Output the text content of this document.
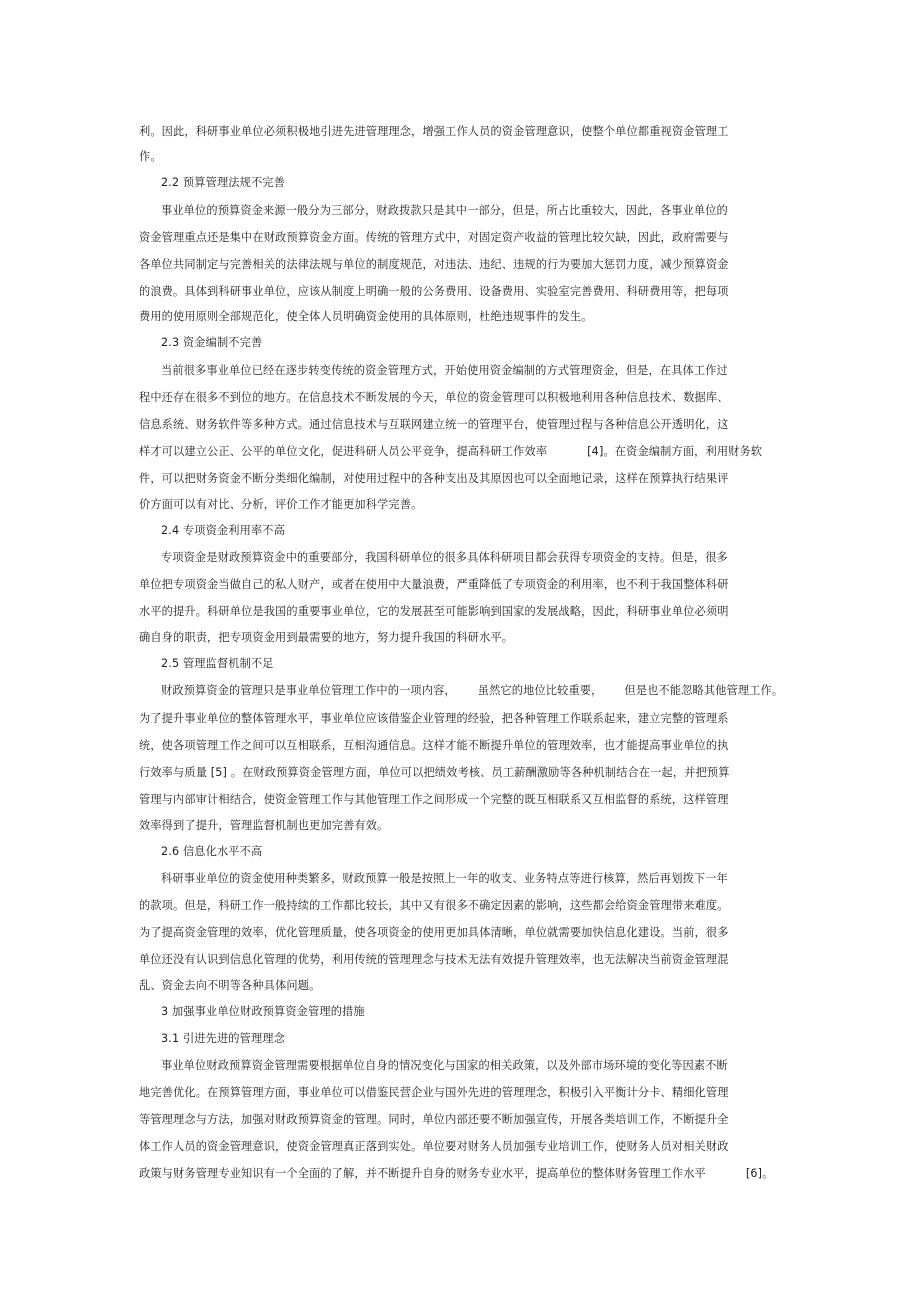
利。因此，科研事业单位必须积极地引进先进管理理念，增强工作人员的资金管理意识，使整个单位都重视资金管理工
作。
2.2 预算管理法规不完善
事业单位的预算资金来源一般分为三部分，财政拨款只是其中一部分，但是，所占比重较大，因此，各事业单位的
资金管理重点还是集中在财政预算资金方面。传统的管理方式中，对固定资产收益的管理比较欠缺，因此，政府需要与
各单位共同制定与完善相关的法律法规与单位的制度规范，对违法、违纪、违规的行为要加大惩罚力度，减少预算资金
的浪费。具体到科研事业单位，应该从制度上明确一般的公务费用、设备费用、实验室完善费用、科研费用等，把每项
费用的使用原则全部规范化，使全体人员明确资金使用的具体原则，杜绝违规事件的发生。
2.3 资金编制不完善
当前很多事业单位已经在逐步转变传统的资金管理方式，开始使用资金编制的方式管理资金，但是，在具体工作过
程中还存在很多不到位的地方。在信息技术不断发展的今天，单位的资金管理可以积极地利用各种信息技术、数据库、
信息系统、财务软件等多种方式。通过信息技术与互联网建立统一的管理平台，使管理过程与各种信息公开透明化，这
样才可以建立公正、公平的单位文化，促进科研人员公平竞争，提高科研工作效率	[4]。在资金编制方面，利用财务软
件，可以把财务资金不断分类细化编制，对使用过程中的各种支出及其原因也可以全面地记录，这样在预算执行结果评
价方面可以有对比、分析，评价工作才能更加科学完善。
2.4 专项资金利用率不高
专项资金是财政预算资金中的重要部分，我国科研单位的很多具体科研项目都会获得专项资金的支持。但是，很多
单位把专项资金当做自己的私人财产，或者在使用中大量浪费，严重降低了专项资金的利用率，也不利于我国整体科研
水平的提升。科研单位是我国的重要事业单位，它的发展甚至可能影响到国家的发展战略，因此，科研事业单位必须明
确自身的职责，把专项资金用到最需要的地方，努力提升我国的科研水平。
2.5 管理监督机制不足
财政预算资金的管理只是事业单位管理工作中的一项内容， 虽然它的地位比较重要， 但是也不能忽略其他管理工作。
为了提升事业单位的整体管理水平，事业单位应该借鉴企业管理的经验，把各种管理工作联系起来，建立完整的管理系
统，使各项管理工作之间可以互相联系，互相沟通信息。这样才能不断提升单位的管理效率，也才能提高事业单位的执
行效率与质量 [5] 。在财政预算资金管理方面，单位可以把绩效考核、员工薪酬激励等各种机制结合在一起，并把预算
管理与内部审计相结合，使资金管理工作与其他管理工作之间形成一个完整的既互相联系又互相监督的系统，这样管理
效率得到了提升，管理监督机制也更加完善有效。
2.6 信息化水平不高
科研事业单位的资金使用种类繁多，财政预算一般是按照上一年的收支、业务特点等进行核算，然后再划拨下一年
的款项。但是，科研工作一般持续的工作都比较长，其中又有很多不确定因素的影响，这些都会给资金管理带来难度。
为了提高资金管理的效率，优化管理质量，使各项资金的使用更加具体清晰，单位就需要加快信息化建设。当前，很多
单位还没有认识到信息化管理的优势，利用传统的管理理念与技术无法有效提升管理效率，也无法解决当前资金管理混
乱、资金去向不明等各种具体问题。
3 加强事业单位财政预算资金管理的措施
3.1 引进先进的管理理念
事业单位财政预算资金管理需要根据单位自身的情况变化与国家的相关政策，以及外部市场环境的变化等因素不断
地完善优化。在预算管理方面，事业单位可以借鉴民营企业与国外先进的管理理念，积极引入平衡计分卡、精细化管理
等管理理念与方法，加强对财政预算资金的管理。同时，单位内部还要不断加强宣传，开展各类培训工作，不断提升全
体工作人员的资金管理意识，使资金管理真正落到实处。单位要对财务人员加强专业培训工作，使财务人员对相关财政
政策与财务管理专业知识有一个全面的了解，并不断提升自身的财务专业水平，提高单位的整体财务管理工作水平	[6]。
